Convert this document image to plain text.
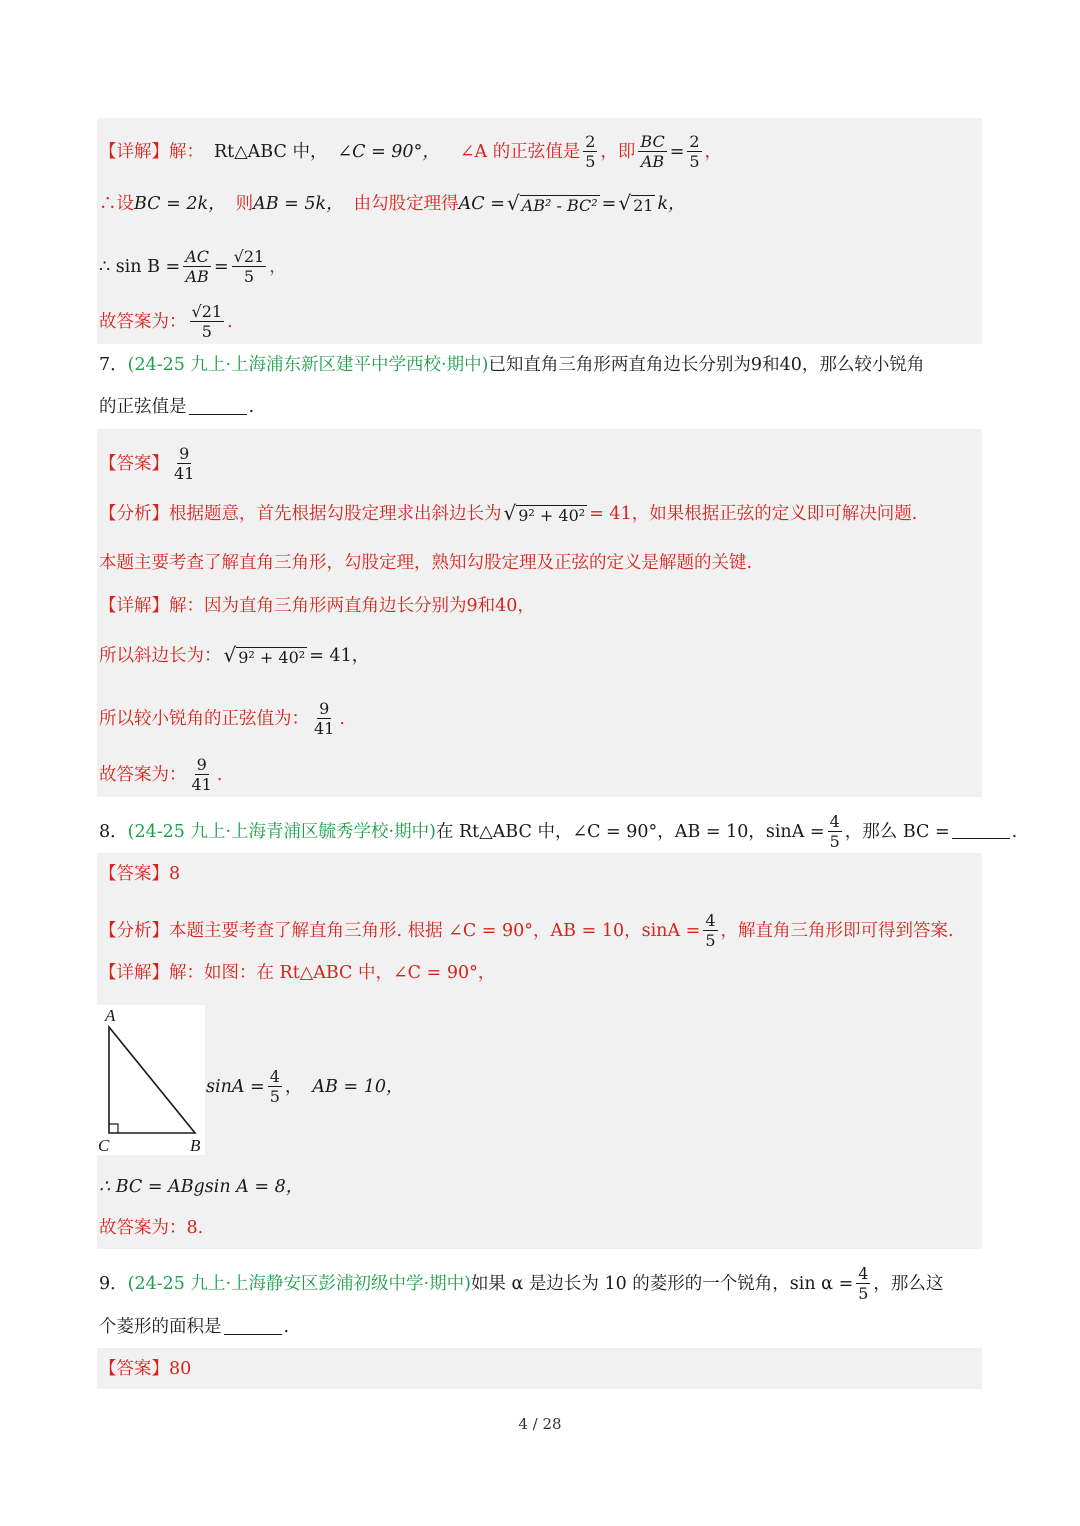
【详解】 解： Rt△ABC 中， ∠C = 90°， ∠A 的正弦值是 $\frac{2}{5}$ ，即 $\frac{BC}{AB} = \frac{2}{5}$ ，
∴设 BC = 2k， 则 AB = 5k， 由勾股定理得 AC = √ AB² - BC² = √ 21 k，
∴ $\sin B = \frac{AC}{AB} = \frac{√21}{5}$ ，
故答案为： $\frac{√21}{5}$ .
7． (24-25 九上·上海浦东新区建平中学西校·期中) 已知直角三角形两直角边长分别为9和40，那么较小锐角
的正弦值是	.
【答案】 $\frac{9}{41}$
【分析】 根据题意，首先根据勾股定理求出斜边长为 √ 9² + 40² = 41，如果根据正弦的定义即可解决问题.
本题主要考查了解直角三角形，勾股定理，熟知勾股定理及正弦的定义是解题的关键.
【详解】 解：因为直角三角形两直角边长分别为9和40，
所以斜边长为： √ 9² + 40² = 41，
所以较小锐角的正弦值为： $\frac{9}{41}$ .
故答案为： $\frac{9}{41}$ .
8． (24-25 九上·上海青浦区毓秀学校·期中) 在 Rt△ABC 中，∠C = 90°，AB = 10，$\sin A = \frac{4}{5}$ ，那么 BC =	.
【答案】 8
【分析】 本题主要考查了解直角三角形. 根据 ∠C = 90°，AB = 10，$\sin A = \frac{4}{5}$ ，解直角三角形即可得到答案.
【详解】 解：如图：在 Rt△ABC 中，∠C = 90°，
A
C	B
$\sin A = \frac{4}{5}$ ， AB = 10，
∴ BC = ABgsin A = 8，
故答案为：8.
9． (24-25 九上·上海静安区彭浦初级中学·期中) 如果 α 是边长为 10 的菱形的一个锐角，$\sin \alpha = \frac{4}{5}$ ，那么这
个菱形的面积是	.
【答案】 80
4 / 28
